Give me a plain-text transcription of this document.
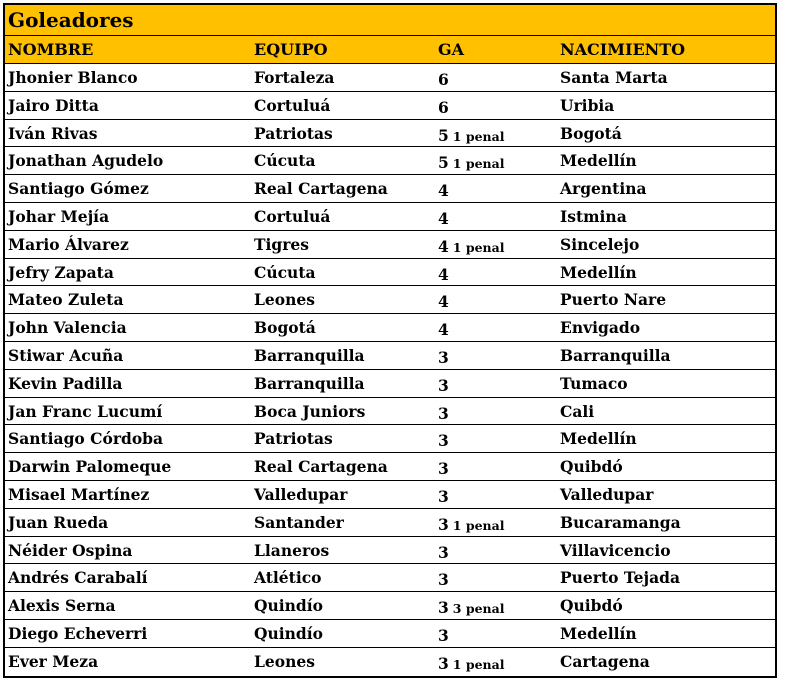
Goleadores
NOMBRE	EQUIPO	GA	NACIMIENTO
Jhonier Blanco	Fortaleza	6	Santa Marta
Jairo Ditta	Cortuluá	6	Uribia
Iván Rivas	Patriotas	5 1 penal	Bogotá
Jonathan Agudelo	Cúcuta	5 1 penal	Medellín
Santiago Gómez	Real Cartagena	4	Argentina
Johar Mejía	Cortuluá	4	Istmina
Mario Álvarez	Tigres	4 1 penal	Sincelejo
Jefry Zapata	Cúcuta	4	Medellín
Mateo Zuleta	Leones	4	Puerto Nare
John Valencia	Bogotá	4	Envigado
Stiwar Acuña	Barranquilla	3	Barranquilla
Kevin Padilla	Barranquilla	3	Tumaco
Jan Franc Lucumí	Boca Juniors	3	Cali
Santiago Córdoba	Patriotas	3	Medellín
Darwin Palomeque	Real Cartagena	3	Quibdó
Misael Martínez	Valledupar	3	Valledupar
Juan Rueda	Santander	3 1 penal	Bucaramanga
Néider Ospina	Llaneros	3	Villavicencio
Andrés Carabalí	Atlético	3	Puerto Tejada
Alexis Serna	Quindío	3 3 penal	Quibdó
Diego Echeverri	Quindío	3	Medellín
Ever Meza	Leones	3 1 penal	Cartagena
